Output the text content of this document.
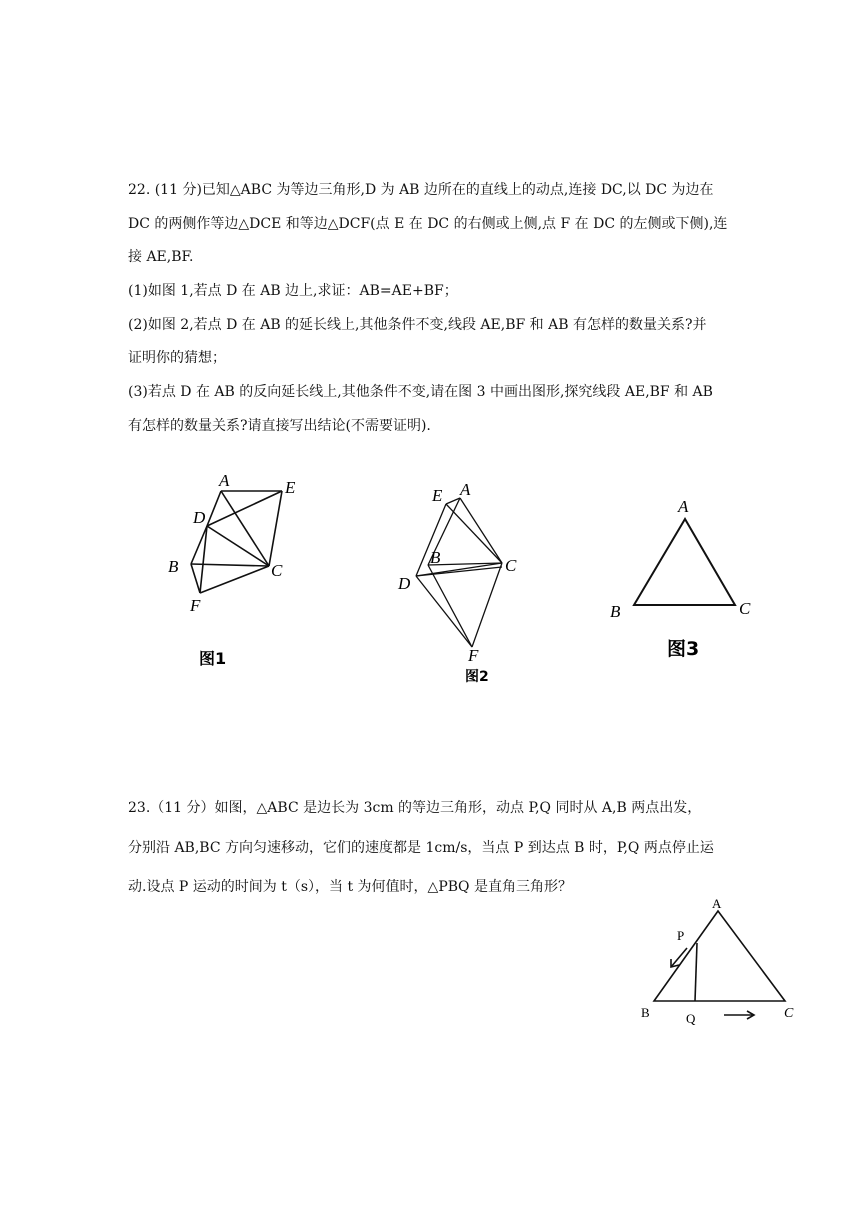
22. (11 分)已知△ABC 为等边三角形,D 为 AB 边所在的直线上的动点,连接 DC,以 DC 为边在
DC 的两侧作等边△DCE 和等边△DCF(点 E 在 DC 的右侧或上侧,点 F 在 DC 的左侧或下侧),连
接 AE,BF.
(1)如图 1,若点 D 在 AB 边上,求证：AB=AE+BF；
(2)如图 2,若点 D 在 AB 的延长线上,其他条件不变,线段 AE,BF 和 AB 有怎样的数量关系?并
证明你的猜想；
(3)若点 D 在 AB 的反向延长线上,其他条件不变,请在图 3 中画出图形,探究线段 AE,BF 和 AB
有怎样的数量关系?请直接写出结论(不需要证明).
A	E
D
B	C
F
图1
E A
B	C
D
F
图2
A
B	C
图3
23.（11 分）如图，△ABC 是边长为 3cm 的等边三角形，动点 P,Q 同时从 A,B 两点出发，
分别沿 AB,BC 方向匀速移动，它们的速度都是 1cm/s，当点 P 到达点 B 时，P,Q 两点停止运
动.设点 P 运动的时间为 t（s），当 t 为何值时，△PBQ 是直角三角形？
A
P
B	Q	C
